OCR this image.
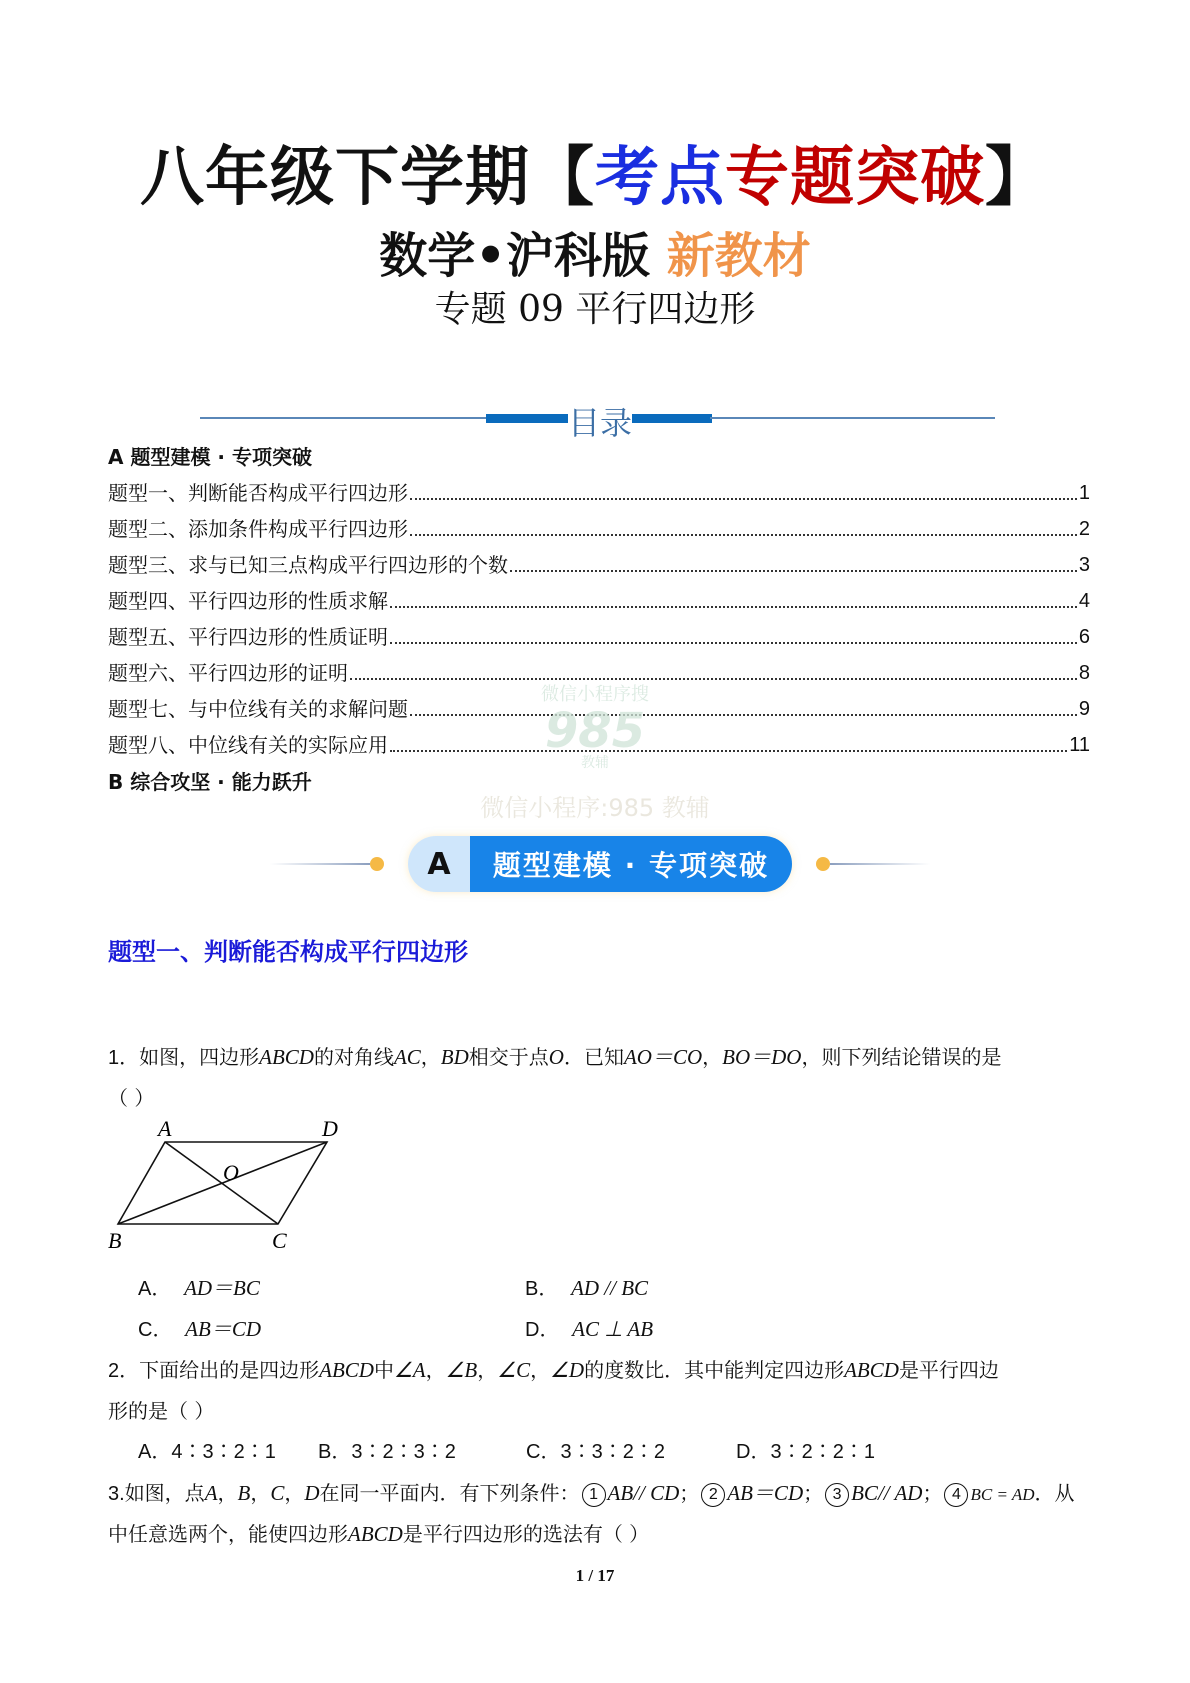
八年级下学期【考点专题突破】
数学•沪科版 新教材
专题 09 平行四边形
目录
A 题型建模 · 专项突破
题型一、判断能否构成平行四边形	1
题型二、添加条件构成平行四边形	2
题型三、求与已知三点构成平行四边形的个数	3
题型四、平行四边形的性质求解	4
题型五、平行四边形的性质证明	6
题型六、平行四边形的证明	8
题型七、与中位线有关的求解问题	9
题型八、中位线有关的实际应用	11
B 综合攻坚 · 能力跃升
微信小程序搜
985
教辅
微信小程序:985 教辅
A	题型建模 · 专项突破
题型一、判断能否构成平行四边形
1．如图，四边形ABCD的对角线AC，BD相交于点O．已知AO＝CO，BO＝DO，则下列结论错误的是
（ ）
A	D
O
B	C
A． AD＝BC	B． AD // BC
C． AB＝CD	D． AC ⊥ AB
2．下面给出的是四边形ABCD中∠A，∠B，∠C，∠D的度数比．其中能判定四边形ABCD是平行四边
形的是（ ）
A．4∶3∶2∶1 B．3∶2∶3∶2	C．3∶3∶2∶2	D．3∶2∶2∶1
3.如图，点A，B，C，D在同一平面内．有下列条件： 1 AB// CD； 2 AB＝CD； 3 BC// AD； 4 BC = AD．从
中任意选两个，能使四边形ABCD是平行四边形的选法有（ ）
1 / 17
